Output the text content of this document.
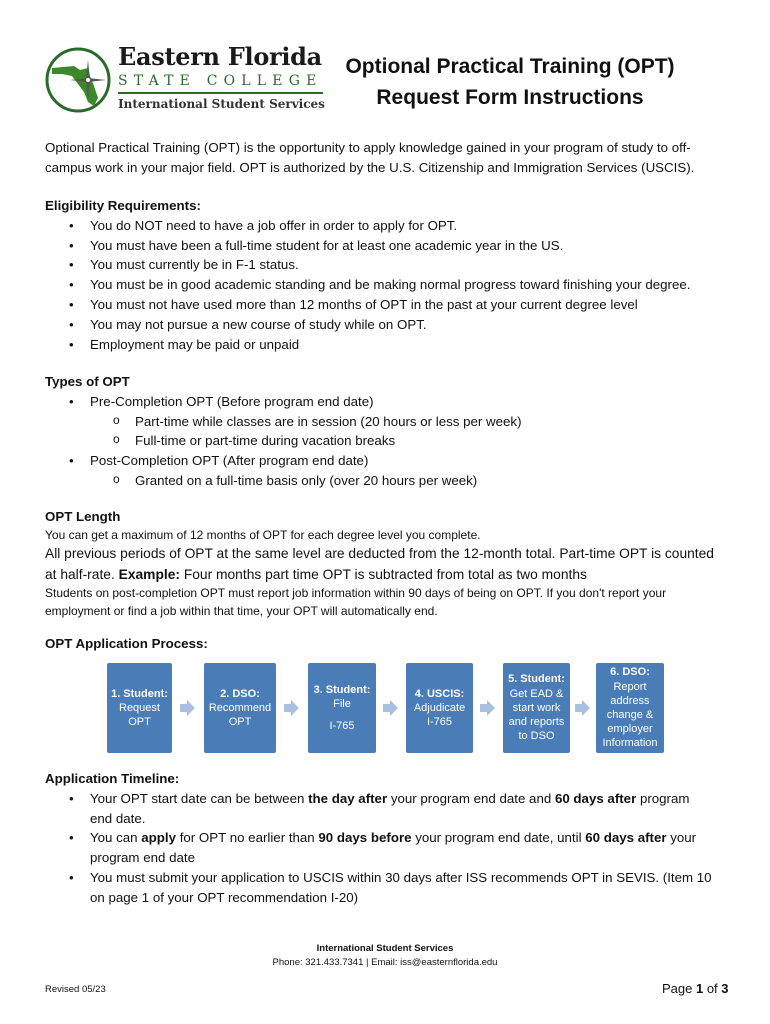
Eastern Florida
STATE COLLEGE
International Student Services
Optional Practical Training (OPT)
Request Form Instructions
Optional Practical Training (OPT) is the opportunity to apply knowledge gained in your program of study to off-
campus work in your major field. OPT is authorized by the U.S. Citizenship and Immigration Services (USCIS).
Eligibility Requirements:
• You do NOT need to have a job offer in order to apply for OPT.
• You must have been a full-time student for at least one academic year in the US.
• You must currently be in F-1 status.
• You must be in good academic standing and be making normal progress toward finishing your degree.
• You must not have used more than 12 months of OPT in the past at your current degree level
• You may not pursue a new course of study while on OPT.
• Employment may be paid or unpaid
Types of OPT
• Pre-Completion OPT (Before program end date)
o Part-time while classes are in session (20 hours or less per week)
o Full-time or part-time during vacation breaks
• Post-Completion OPT (After program end date)
o Granted on a full-time basis only (over 20 hours per week)
OPT Length
You can get a maximum of 12 months of OPT for each degree level you complete.
All previous periods of OPT at the same level are deducted from the 12-month total. Part-time OPT is counted
at half-rate. Example: Four months part time OPT is subtracted from total as two months
Students on post-completion OPT must report job information within 90 days of being on OPT. If you don't report your
employment or find a job within that time, your OPT will automatically end.
OPT Application Process:
1. Student:
Request
OPT
2. DSO:
Recommend
OPT
3. Student:
File
I-765
4. USCIS:
Adjudicate
I-765
5. Student:
Get EAD &
start work
and reports
to DSO
6. DSO:
Report
address
change &
employer
Information
Application Timeline:
• Your OPT start date can be between the day after your program end date and 60 days after program
end date.
• You can apply for OPT no earlier than 90 days before your program end date, until 60 days after your
program end date
• You must submit your application to USCIS within 30 days after ISS recommends OPT in SEVIS. (Item 10
on page 1 of your OPT recommendation I-20)
International Student Services
Phone: 321.433.7341 | Email: iss@easternflorida.edu
Revised 05/23	Page 1 of 3
